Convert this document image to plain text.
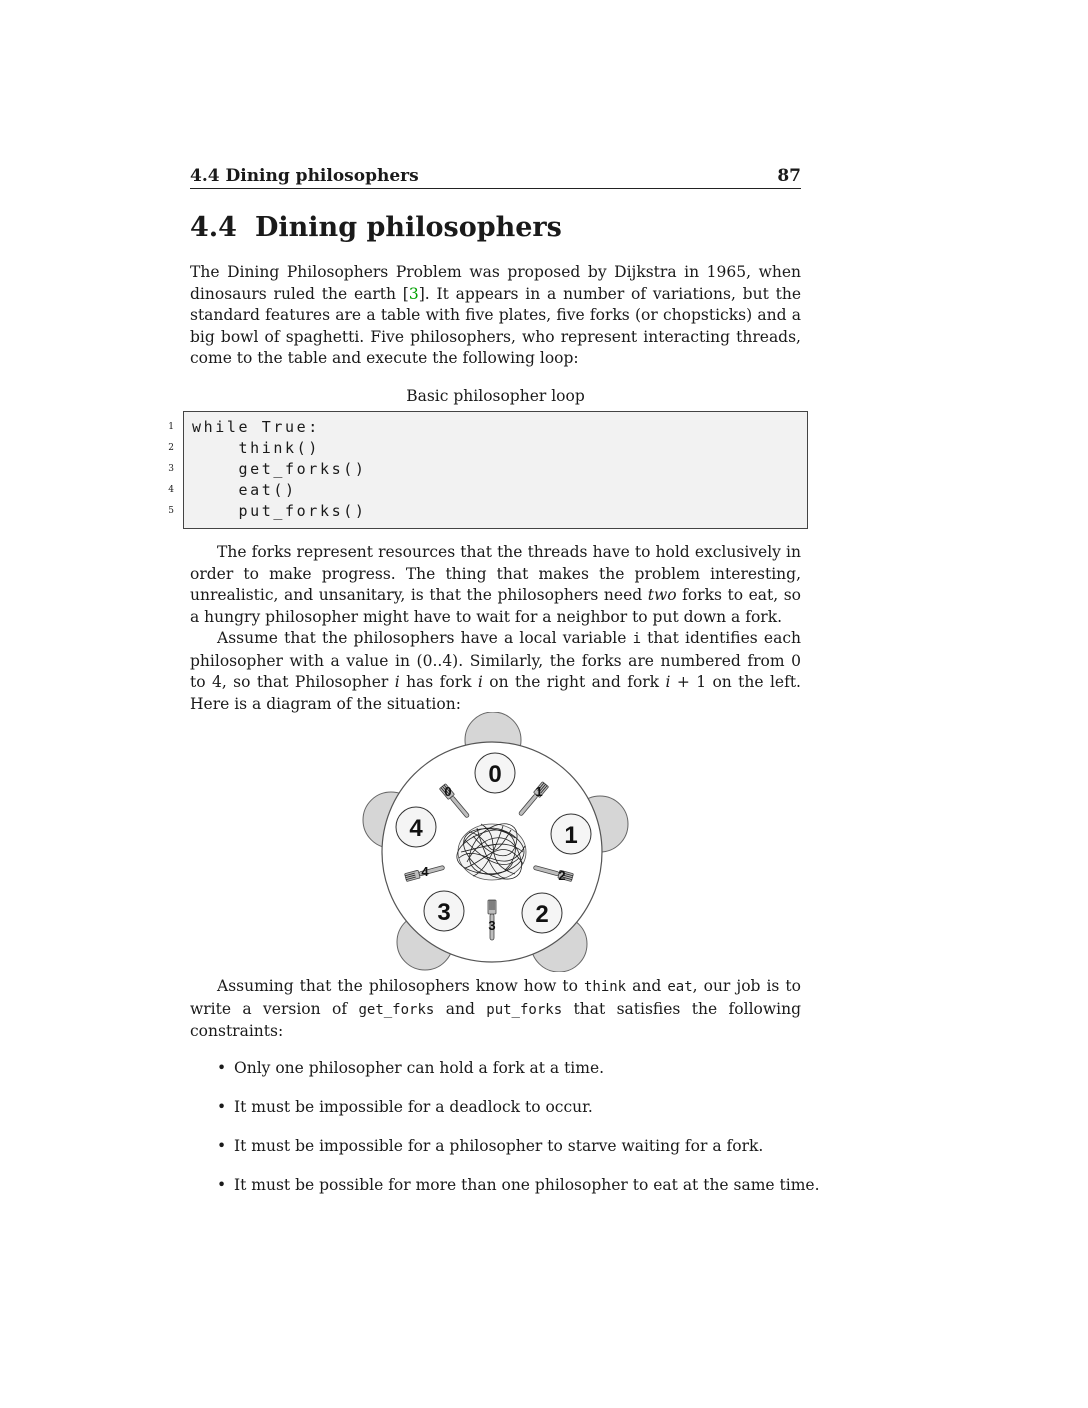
4.4 Dining philosophers	87
4.4 Dining philosophers

The Dining Philosophers Problem was proposed by Dijkstra in 1965, when dinosaurs ruled the earth [3]. It appears in a number of variations, but the standard features are a table with five plates, five forks (or chopsticks) and a big bowl of spaghetti. Five philosophers, who represent interacting threads, come to the table and execute the following loop:

Basic philosopher loop
1
2
3
4
5
while True:
think()
get_forks()
eat()
put_forks()

The forks represent resources that the threads have to hold exclusively in order to make progress. The thing that makes the problem interesting, unrealistic, and unsanitary, is that the philosophers need two forks to eat, so a hungry philosopher might have to wait for a neighbor to put down a fork.

Assume that the philosophers have a local variable i that identifies each philosopher with a value in (0..4). Similarly, the forks are numbered from 0 to 4, so that Philosopher i has fork i on the right and fork i + 1 on the left. Here is a diagram of the situation:

0
1
2
3
4
0	1
2
3
4

Assuming that the philosophers know how to think and eat, our job is to write a version of get_forks and put_forks that satisfies the following constraints:

• Only one philosopher can hold a fork at a time.
• It must be impossible for a deadlock to occur.
• It must be impossible for a philosopher to starve waiting for a fork.
• It must be possible for more than one philosopher to eat at the same time.
